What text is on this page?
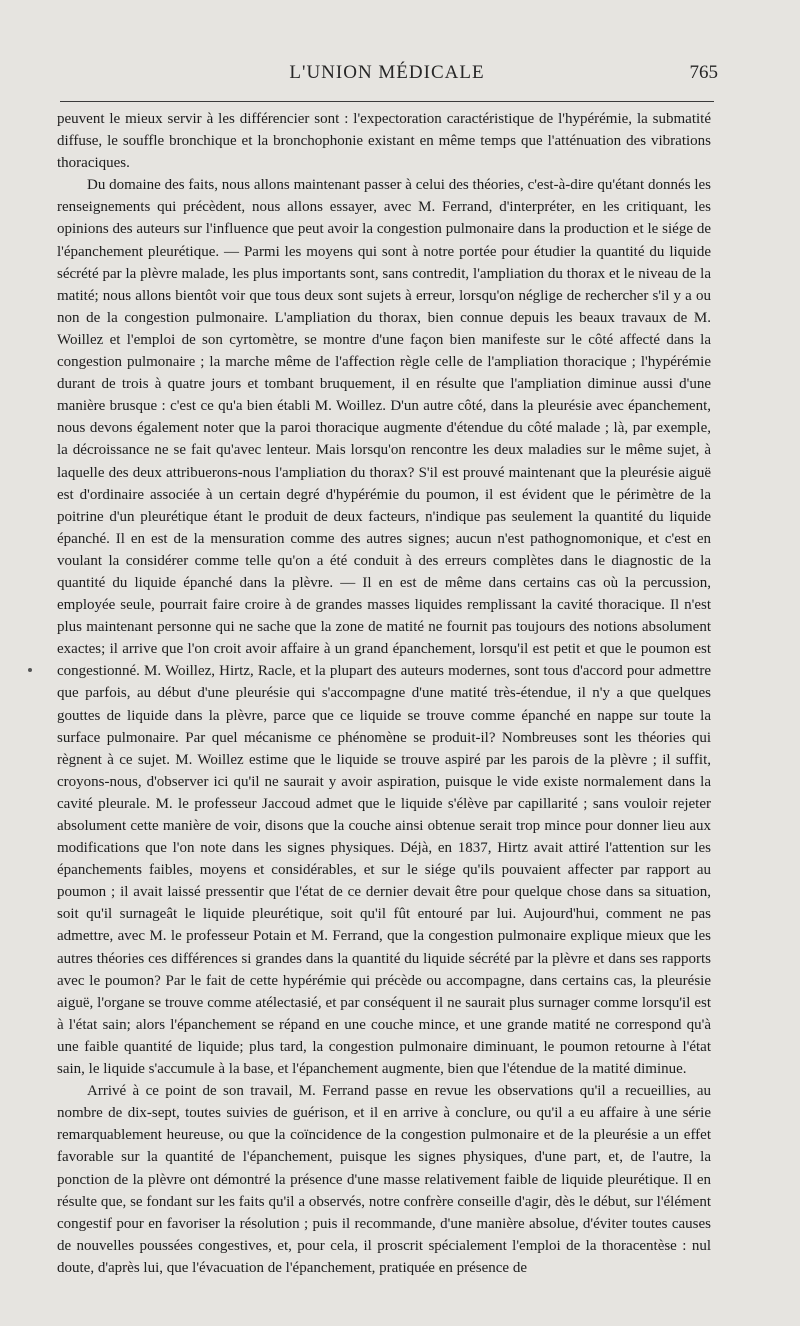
L'UNION MÉDICALE	765

peuvent le mieux servir à les différencier sont : l'expectoration caractéristique de l'hypérémie, la submatité diffuse, le souffle bronchique et la bronchophonie existant en même temps que l'atténuation des vibrations thoraciques.

Du domaine des faits, nous allons maintenant passer à celui des théories, c'est-à-dire qu'étant donnés les renseignements qui précèdent, nous allons essayer, avec M. Ferrand, d'interpréter, en les critiquant, les opinions des auteurs sur l'influence que peut avoir la congestion pulmonaire dans la production et le siége de l'épanchement pleurétique. — Parmi les moyens qui sont à notre portée pour étudier la quantité du liquide sécrété par la plèvre malade, les plus importants sont, sans contredit, l'ampliation du thorax et le niveau de la matité; nous allons bientôt voir que tous deux sont sujets à erreur, lorsqu'on néglige de rechercher s'il y a ou non de la congestion pulmonaire. L'ampliation du thorax, bien connue depuis les beaux travaux de M. Woillez et l'emploi de son cyrtomètre, se montre d'une façon bien manifeste sur le côté affecté dans la congestion pulmonaire ; la marche même de l'affection règle celle de l'ampliation thoracique ; l'hypérémie durant de trois à quatre jours et tombant bruquement, il en résulte que l'ampliation diminue aussi d'une manière brusque : c'est ce qu'a bien établi M. Woillez. D'un autre côté, dans la pleurésie avec épanchement, nous devons également noter que la paroi thoracique augmente d'étendue du côté malade ; là, par exemple, la décroissance ne se fait qu'avec lenteur. Mais lorsqu'on rencontre les deux maladies sur le même sujet, à laquelle des deux attribuerons-nous l'ampliation du thorax? S'il est prouvé maintenant que la pleurésie aiguë est d'ordinaire associée à un certain degré d'hypérémie du poumon, il est évident que le périmètre de la poitrine d'un pleurétique étant le produit de deux facteurs, n'indique pas seulement la quantité du liquide épanché. Il en est de la mensuration comme des autres signes; aucun n'est pathognomonique, et c'est en voulant la considérer comme telle qu'on a été conduit à des erreurs complètes dans le diagnostic de la quantité du liquide épanché dans la plèvre. — Il en est de même dans certains cas où la percussion, employée seule, pourrait faire croire à de grandes masses liquides remplissant la cavité thoracique. Il n'est plus maintenant personne qui ne sache que la zone de matité ne fournit pas toujours des notions absolument exactes; il arrive que l'on croit avoir affaire à un grand épanchement, lorsqu'il est petit et que le poumon est congestionné. M. Woillez, Hirtz, Racle, et la plupart des auteurs modernes, sont tous d'accord pour admettre que parfois, au début d'une pleurésie qui s'accompagne d'une matité très-étendue, il n'y a que quelques gouttes de liquide dans la plèvre, parce que ce liquide se trouve comme épanché en nappe sur toute la surface pulmonaire. Par quel mécanisme ce phénomène se produit-il? Nombreuses sont les théories qui règnent à ce sujet. M. Woillez estime que le liquide se trouve aspiré par les parois de la plèvre ; il suffit, croyons-nous, d'observer ici qu'il ne saurait y avoir aspiration, puisque le vide existe normalement dans la cavité pleurale. M. le professeur Jaccoud admet que le liquide s'élève par capillarité ; sans vouloir rejeter absolument cette manière de voir, disons que la couche ainsi obtenue serait trop mince pour donner lieu aux modifications que l'on note dans les signes physiques. Déjà, en 1837, Hirtz avait attiré l'attention sur les épanchements faibles, moyens et considérables, et sur le siége qu'ils pouvaient affecter par rapport au poumon ; il avait laissé pressentir que l'état de ce dernier devait être pour quelque chose dans sa situation, soit qu'il surnageât le liquide pleurétique, soit qu'il fût entouré par lui. Aujourd'hui, comment ne pas admettre, avec M. le professeur Potain et M. Ferrand, que la congestion pulmonaire explique mieux que les autres théories ces différences si grandes dans la quantité du liquide sécrété par la plèvre et dans ses rapports avec le poumon? Par le fait de cette hypérémie qui précède ou accompagne, dans certains cas, la pleurésie aiguë, l'organe se trouve comme atélectasié, et par conséquent il ne saurait plus surnager comme lorsqu'il est à l'état sain; alors l'épanchement se répand en une couche mince, et une grande matité ne correspond qu'à une faible quantité de liquide; plus tard, la congestion pulmonaire diminuant, le poumon retourne à l'état sain, le liquide s'accumule à la base, et l'épanchement augmente, bien que l'étendue de la matité diminue.

Arrivé à ce point de son travail, M. Ferrand passe en revue les observations qu'il a recueillies, au nombre de dix-sept, toutes suivies de guérison, et il en arrive à conclure, ou qu'il a eu affaire à une série remarquablement heureuse, ou que la coïncidence de la congestion pulmonaire et de la pleurésie a un effet favorable sur la quantité de l'épanchement, puisque les signes physiques, d'une part, et, de l'autre, la ponction de la plèvre ont démontré la présence d'une masse relativement faible de liquide pleurétique. Il en résulte que, se fondant sur les faits qu'il a observés, notre confrère conseille d'agir, dès le début, sur l'élément congestif pour en favoriser la résolution ; puis il recommande, d'une manière absolue, d'éviter toutes causes de nouvelles poussées congestives, et, pour cela, il proscrit spécialement l'emploi de la thoracentèse : nul doute, d'après lui, que l'évacuation de l'épanchement, pratiquée en présence de
